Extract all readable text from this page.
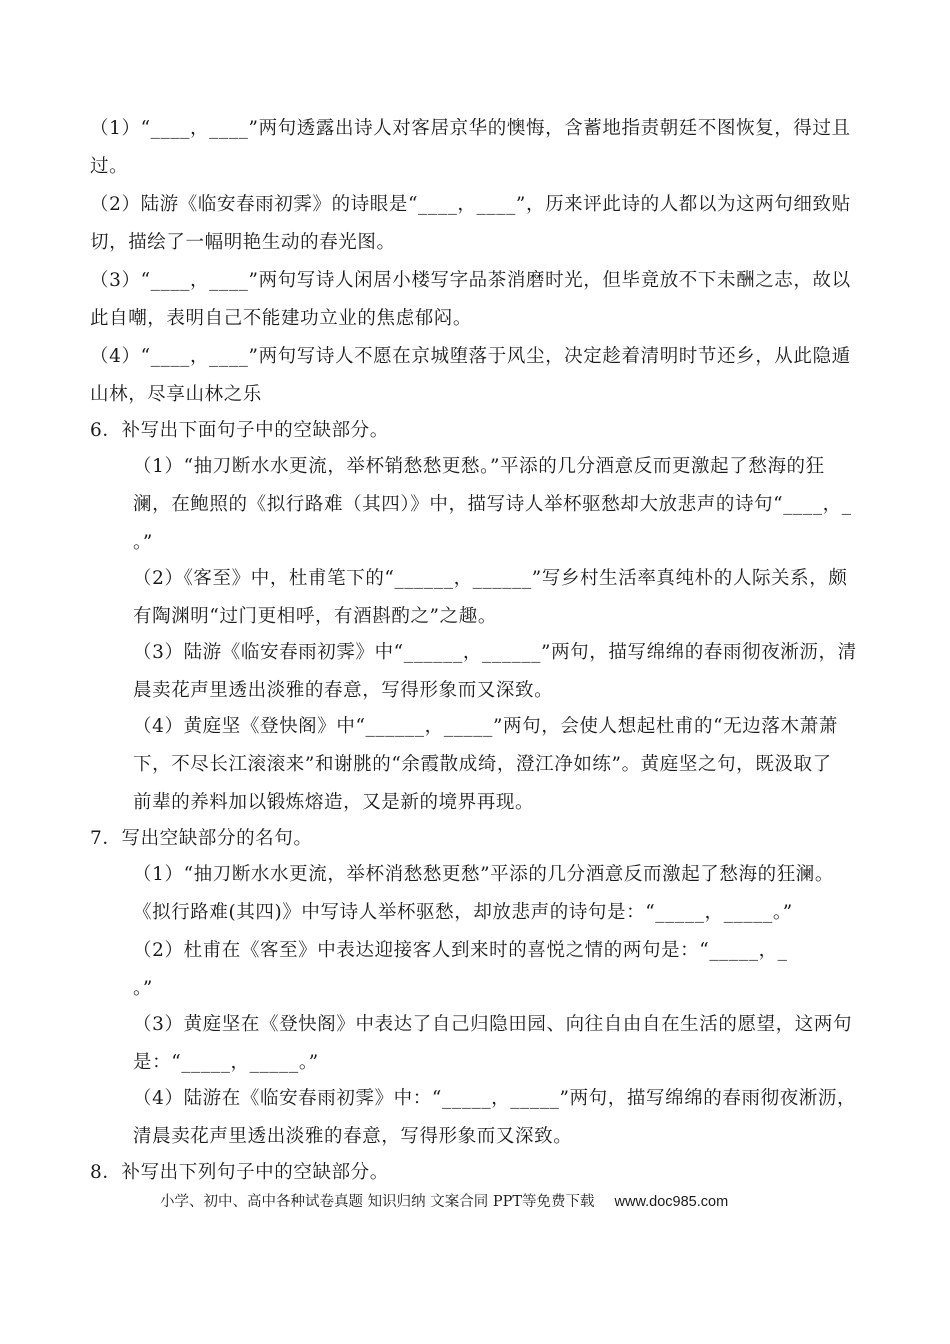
（1）“____，____”两句透露出诗人对客居京华的懊悔，含蓄地指责朝廷不图恢复，得过且
过。
（2）陆游《临安春雨初霁》的诗眼是“____，____”，历来评此诗的人都以为这两句细致贴
切，描绘了一幅明艳生动的春光图。
（3）“____，____”两句写诗人闲居小楼写字品茶消磨时光，但毕竟放不下未酬之志，故以
此自嘲，表明自己不能建功立业的焦虑郁闷。
（4）“____，____”两句写诗人不愿在京城堕落于风尘，决定趁着清明时节还乡，从此隐遁
山林，尽享山林之乐
6．补写出下面句子中的空缺部分。
（1）“抽刀断水水更流，举杯销愁愁更愁。”平添的几分酒意反而更激起了愁海的狂
澜，在鲍照的《拟行路难（其四）》中，描写诗人举杯驱愁却大放悲声的诗句“____，_
。”
（2）《客至》中，杜甫笔下的“______，______”写乡村生活率真纯朴的人际关系，颇
有陶渊明“过门更相呼，有酒斟酌之”之趣。
（3）陆游《临安春雨初霁》中“______，______”两句，描写绵绵的春雨彻夜淅沥，清
晨卖花声里透出淡雅的春意，写得形象而又深致。
（4）黄庭坚《登快阁》中“______，_____”两句，会使人想起杜甫的“无边落木萧萧
下，不尽长江滚滚来”和谢朓的“余霞散成绮，澄江净如练”。黄庭坚之句，既汲取了
前辈的养料加以锻炼熔造，又是新的境界再现。
7．写出空缺部分的名句。
（1）“抽刀断水水更流，举杯消愁愁更愁”平添的几分酒意反而激起了愁海的狂澜。
《拟行路难(其四)》中写诗人举杯驱愁，却放悲声的诗句是：“_____，_____。”
（2）杜甫在《客至》中表达迎接客人到来时的喜悦之情的两句是：“_____，_
。”
（3）黄庭坚在《登快阁》中表达了自己归隐田园、向往自由自在生活的愿望，这两句
是：“_____，_____。”
（4）陆游在《临安春雨初霁》中：“_____，_____”两句，描写绵绵的春雨彻夜淅沥，
清晨卖花声里透出淡雅的春意，写得形象而又深致。
8．补写出下列句子中的空缺部分。
小学、初中、高中各种试卷真题 知识归纳 文案合同 PPT等免费下载 www.doc985.com
